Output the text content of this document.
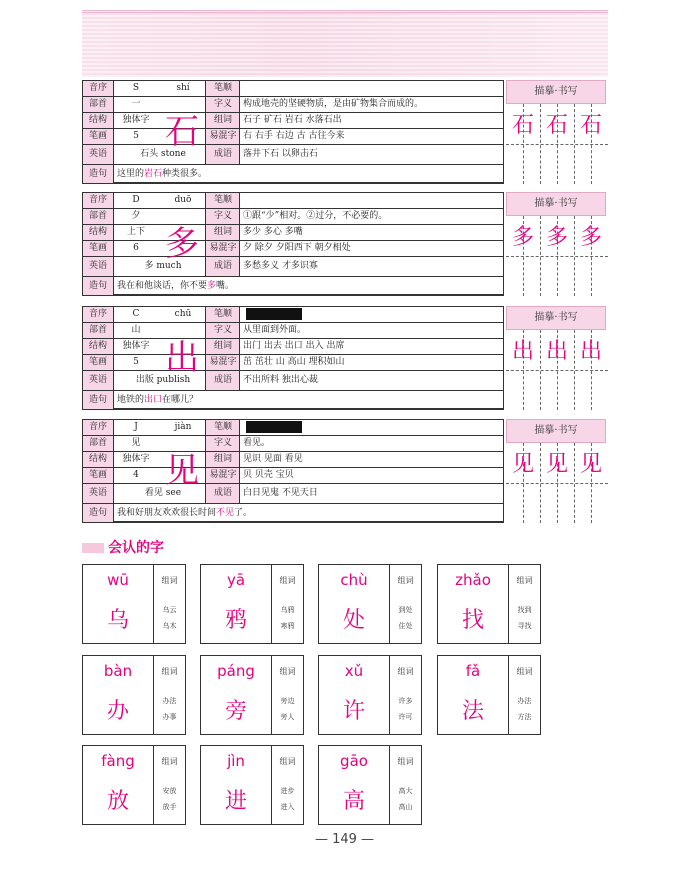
音序	S	shí	笔顺
部首	一	字义	构成地壳的坚硬物质，是由矿物集合而成的。
结构	独体字	组词	石子 矿石 岩石 水落石出
笔画	5	易混字 右 右手 右边 古 古往今来
英语	石头 stone	成语	落井下石 以卵击石
造句	这里的岩石种类很多。
石
描摹·书写
石 石 石
音序	D	duō	笔顺
部首	夕	字义	①跟“少”相对。②过分，不必要的。
结构	上下	组词	多少 多心 多嘴
笔画	6	易混字 夕 除夕 夕阳西下 朝夕相处
英语	多 much	成语	多愁多义 才多识寡
造句	我在和他谈话，你不要多嘴。
多
描摹·书写
多 多 多
音序	C	chū	笔顺
部首	山	字义	从里面到外面。
结构	独体字	组词	出门 出去 出口 出入 出席
笔画	5	易混字 茁 茁壮 山 高山 埋积如山
英语	出版 publish	成语	不出所料 独出心裁
造句	地铁的出口在哪儿？
出
描摹·书写
出 出 出
音序	J	jiàn	笔顺
部首	见	字义	看见。
结构	独体字	组词	见识 见面 看见
笔画	4	易混字 贝 贝壳 宝贝
英语	看见 see	成语	白日见鬼 不见天日
造句	我和好朋友欢欢很长时间不见了。
见
描摹·书写
见 见 见
会认的字
wū
乌
组词
乌云
乌木
yā
鸦
组词
乌鸦
寒鸦
chù
处
组词
到处
住处
zhǎo
找
组词
找到
寻找
bàn
办
组词
办法
办事
páng
旁
组词
旁边
旁人
xǔ
许
组词
许多
许可
fǎ
法
组词
办法
方法
fàng
放
组词
安放
放手
jìn
进
组词
进步
进入
gāo
高
组词
高大
高山
— 149 —
